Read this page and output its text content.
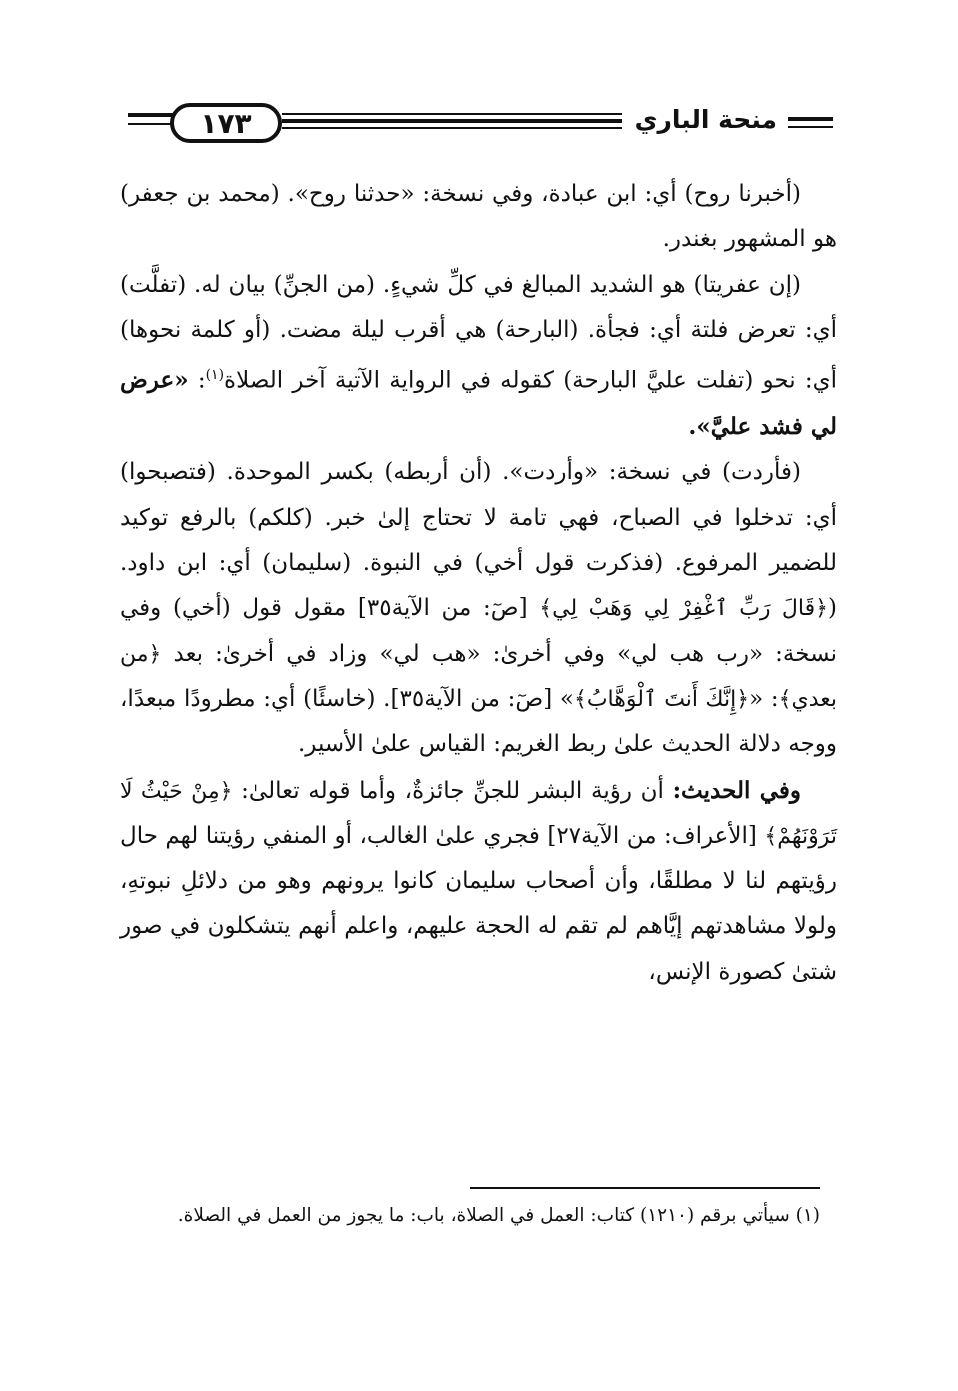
١٧٣	منحة الباري

(أخبرنا روح) أي: ابن عبادة، وفي نسخة: «حدثنا روح». (محمد بن جعفر) هو المشهور بغندر.

(إن عفريتا) هو الشديد المبالغ في كلِّ شيءٍ. (من الجنِّ) بيان له. (تفلَّت) أي: تعرض فلتة أي: فجأة. (البارحة) هي أقرب ليلة مضت. (أو كلمة نحوها) أي: نحو (تفلت عليَّ البارحة) كقوله في الرواية الآتية آخر الصلاة$^{(١)}$: «عرض لي فشد عليَّ».

(فأردت) في نسخة: «وأردت». (أن أربطه) بكسر الموحدة. (فتصبحوا) أي: تدخلوا في الصباح، فهي تامة لا تحتاج إلىٰ خبر. (كلكم) بالرفع توكيد للضمير المرفوع. (فذكرت قول أخي) في النبوة. (سليمان) أي: ابن داود. (﴿قَالَ رَبِّ ٱغْفِرْ لِي وَهَبْ لِي﴾ [صٓ: من الآية٣٥] مقول قول (أخي) وفي نسخة: «رب هب لي» وفي أخرىٰ: «هب لي» وزاد في أخرىٰ: بعد ﴿من بعدي﴾: «﴿إِنَّكَ أَنتَ ٱلْوَهَّابُ﴾» [صٓ: من الآية٣٥]. (خاسئًا) أي: مطرودًا مبعدًا، ووجه دلالة الحديث علىٰ ربط الغريم: القياس علىٰ الأسير.

وفي الحديث: أن رؤية البشر للجنِّ جائزةٌ، وأما قوله تعالىٰ: ﴿مِنْ حَيْثُ لَا تَرَوْنَهُمْ﴾ [الأعراف: من الآية٢٧] فجري علىٰ الغالب، أو المنفي رؤيتنا لهم حال رؤيتهم لنا لا مطلقًا، وأن أصحاب سليمان كانوا يرونهم وهو من دلائلِ نبوتهِ، ولولا مشاهدتهم إيَّاهم لم تقم له الحجة عليهم، واعلم أنهم يتشكلون في صور شتىٰ كصورة الإنس،

(١) سيأتي برقم (١٢١٠) كتاب: العمل في الصلاة، باب: ما يجوز من العمل في الصلاة.
